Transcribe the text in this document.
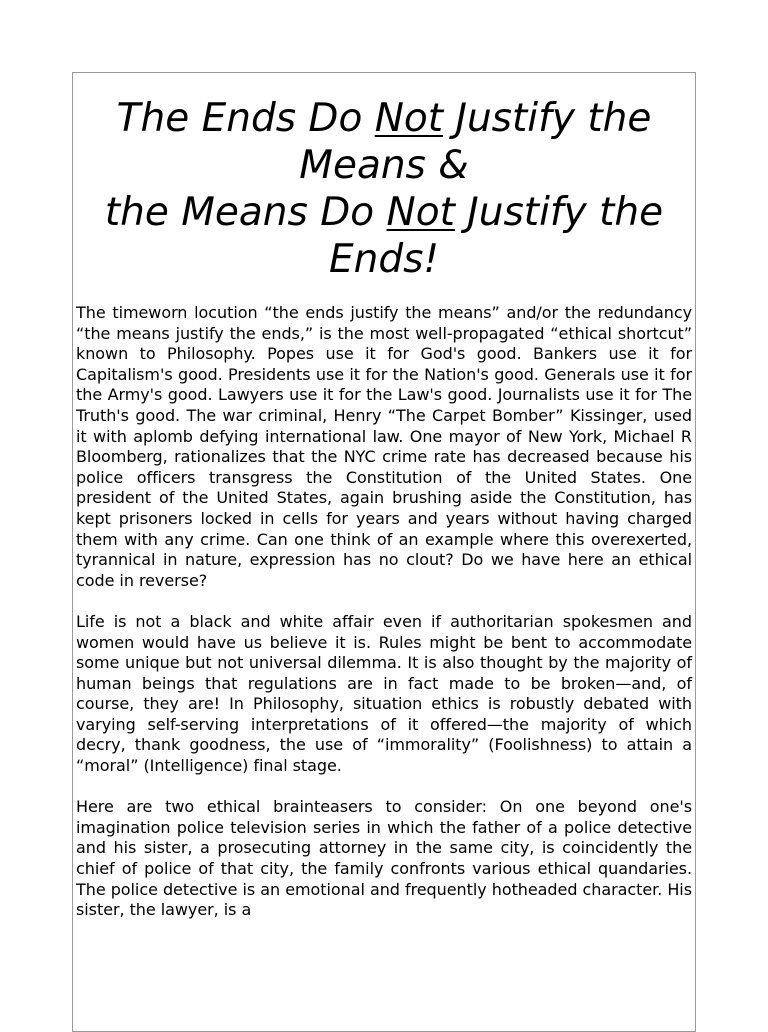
The Ends Do Not Justify the Means &
the Means Do Not Justify the Ends!

The timeworn locution “the ends justify the means” and/or the redundancy “the means justify the ends,” is the most well-propagated “ethical shortcut” known to Philosophy. Popes use it for God's good. Bankers use it for Capitalism's good. Presidents use it for the Nation's good. Generals use it for the Army's good. Lawyers use it for the Law's good. Journalists use it for The Truth's good. The war criminal, Henry “The Carpet Bomber” Kissinger, used it with aplomb defying international law. One mayor of New York, Michael R Bloomberg, rationalizes that the NYC crime rate has decreased because his police officers transgress the Constitution of the United States. One president of the United States, again brushing aside the Constitution, has kept prisoners locked in cells for years and years without having charged them with any crime. Can one think of an example where this overexerted, tyrannical in nature, expression has no clout? Do we have here an ethical code in reverse?

Life is not a black and white affair even if authoritarian spokesmen and women would have us believe it is. Rules might be bent to accommodate some unique but not universal dilemma. It is also thought by the majority of human beings that regulations are in fact made to be broken—and, of course, they are! In Philosophy, situation ethics is robustly debated with varying self-serving interpretations of it offered—the majority of which decry, thank goodness, the use of “immorality” (Foolishness) to attain a “moral” (Intelligence) final stage.

Here are two ethical brainteasers to consider: On one beyond one's imagination police television series in which the father of a police detective and his sister, a prosecuting attorney in the same city, is coincidently the chief of police of that city, the family confronts various ethical quandaries. The police detective is an emotional and frequently hotheaded character. His sister, the lawyer, is a
